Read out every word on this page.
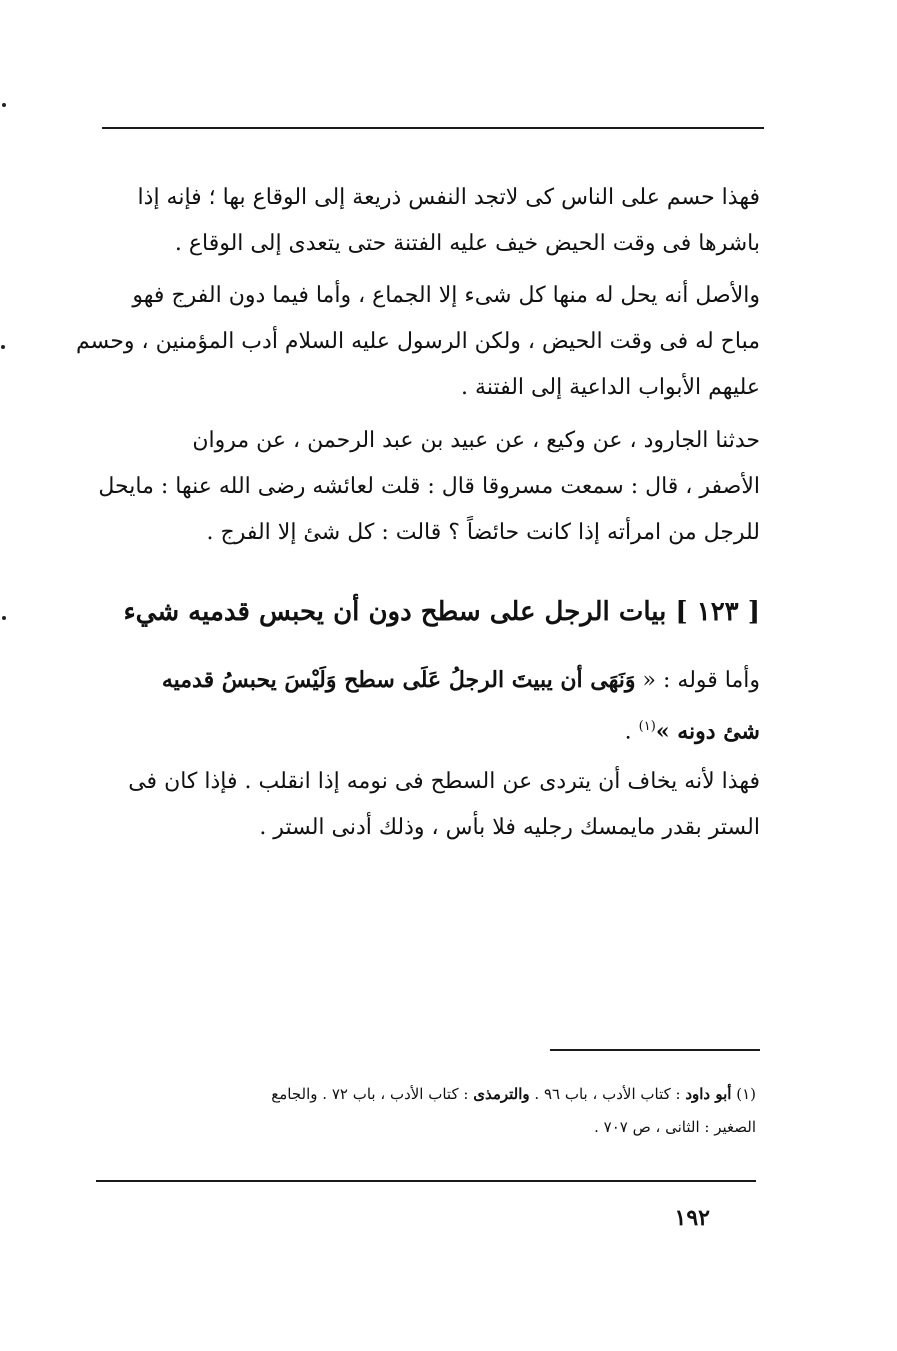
فهذا حسم على الناس كى لاتجد النفس ذريعة إلى الوقاع بها ؛ فإنه إذا
باشرها فى وقت الحيض خيف عليه الفتنة حتى يتعدى إلى الوقاع .
والأصل أنه يحل له منها كل شىء إلا الجماع ، وأما فيما دون الفرج فهو
مباح له فى وقت الحيض ، ولكن الرسول عليه السلام أدب المؤمنين ، وحسم
عليهم الأبواب الداعية إلى الفتنة .
حدثنا الجارود ، عن وكيع ، عن عبيد بن عبد الرحمن ، عن مروان
الأصفر ، قال : سمعت مسروقا قال : قلت لعائشه رضى الله عنها : مايحل
للرجل من امرأته إذا كانت حائضاً ؟ قالت : كل شئ إلا الفرج .
[ ١٢٣ ] بيات الرجل على سطح دون أن يحبس قدميه شيء
وأما قوله : « وَنَهَى أن يبيتَ الرجلُ عَلَى سطح وَلَيْسَ يحبسُ قدميه
شئ دونه »$^{(١)}$ .
فهذا لأنه يخاف أن يتردى عن السطح فى نومه إذا انقلب . فإذا كان فى
الستر بقدر مايمسك رجليه فلا بأس ، وذلك أدنى الستر .
(١) أبو داود : كتاب الأدب ، باب ٩٦ . والترمذى : كتاب الأدب ، باب ٧٢ . والجامع
الصغير : الثانى ، ص ٧٠٧ .
١٩٢
